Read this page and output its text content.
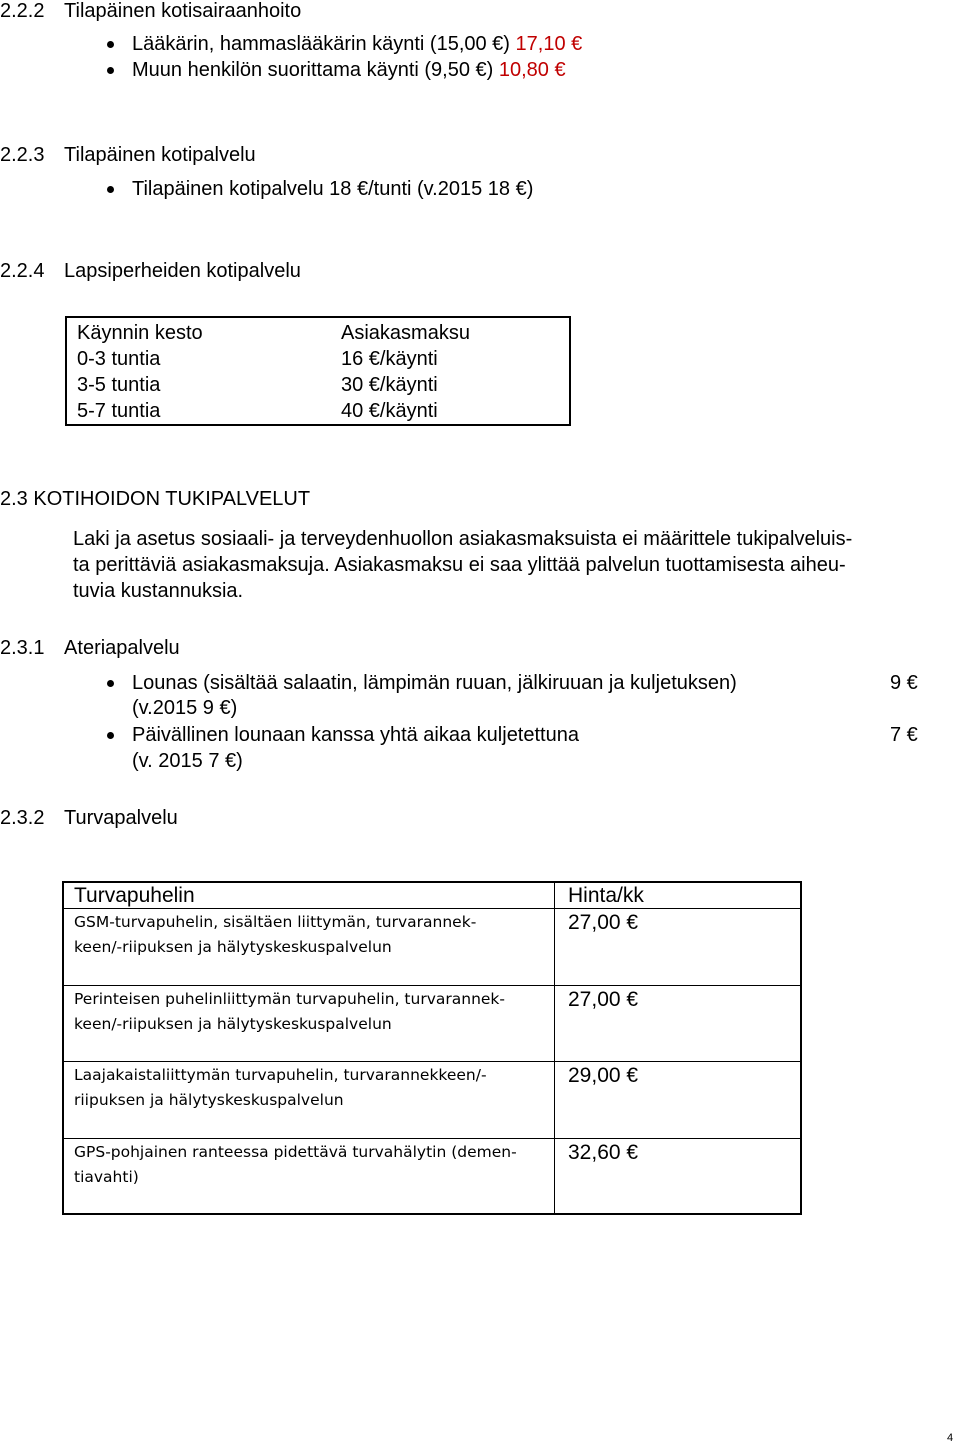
2.2.2 Tilapäinen kotisairaanhoito
Lääkärin, hammaslääkärin käynti (15,00 €) 17,10 €
Muun henkilön suorittama käynti (9,50 €) 10,80 €
2.2.3 Tilapäinen kotipalvelu
Tilapäinen kotipalvelu 18 €/tunti (v.2015 18 €)
2.2.4 Lapsiperheiden kotipalvelu
Käynnin kesto	Asiakasmaksu
0-3 tuntia	16 €/käynti
3-5 tuntia	30 €/käynti
5-7 tuntia	40 €/käynti
2.3 KOTIHOIDON TUKIPALVELUT
Laki ja asetus sosiaali- ja terveydenhuollon asiakasmaksuista ei määrittele tukipalveluis-
ta perittäviä asiakasmaksuja. Asiakasmaksu ei saa ylittää palvelun tuottamisesta aiheu-
tuvia kustannuksia.
2.3.1 Ateriapalvelu
Lounas (sisältää salaatin, lämpimän ruuan, jälkiruuan ja kuljetuksen)	9 €
(v.2015 9 €)
Päivällinen lounaan kanssa yhtä aikaa kuljetettuna	7 €
(v. 2015 7 €)
2.3.2 Turvapalvelu
Turvapuhelin	Hinta/kk
GSM-turvapuhelin, sisältäen liittymän, turvarannek-
keen/-riipuksen ja hälytyskeskuspalvelun
27,00 €
Perinteisen puhelinliittymän turvapuhelin, turvarannek-
keen/-riipuksen ja hälytyskeskuspalvelun
27,00 €
Laajakaistaliittymän turvapuhelin, turvarannekkeen/-
riipuksen ja hälytyskeskuspalvelun
29,00 €
GPS-pohjainen ranteessa pidettävä turvahälytin (demen-
tiavahti)
32,60 €
4
